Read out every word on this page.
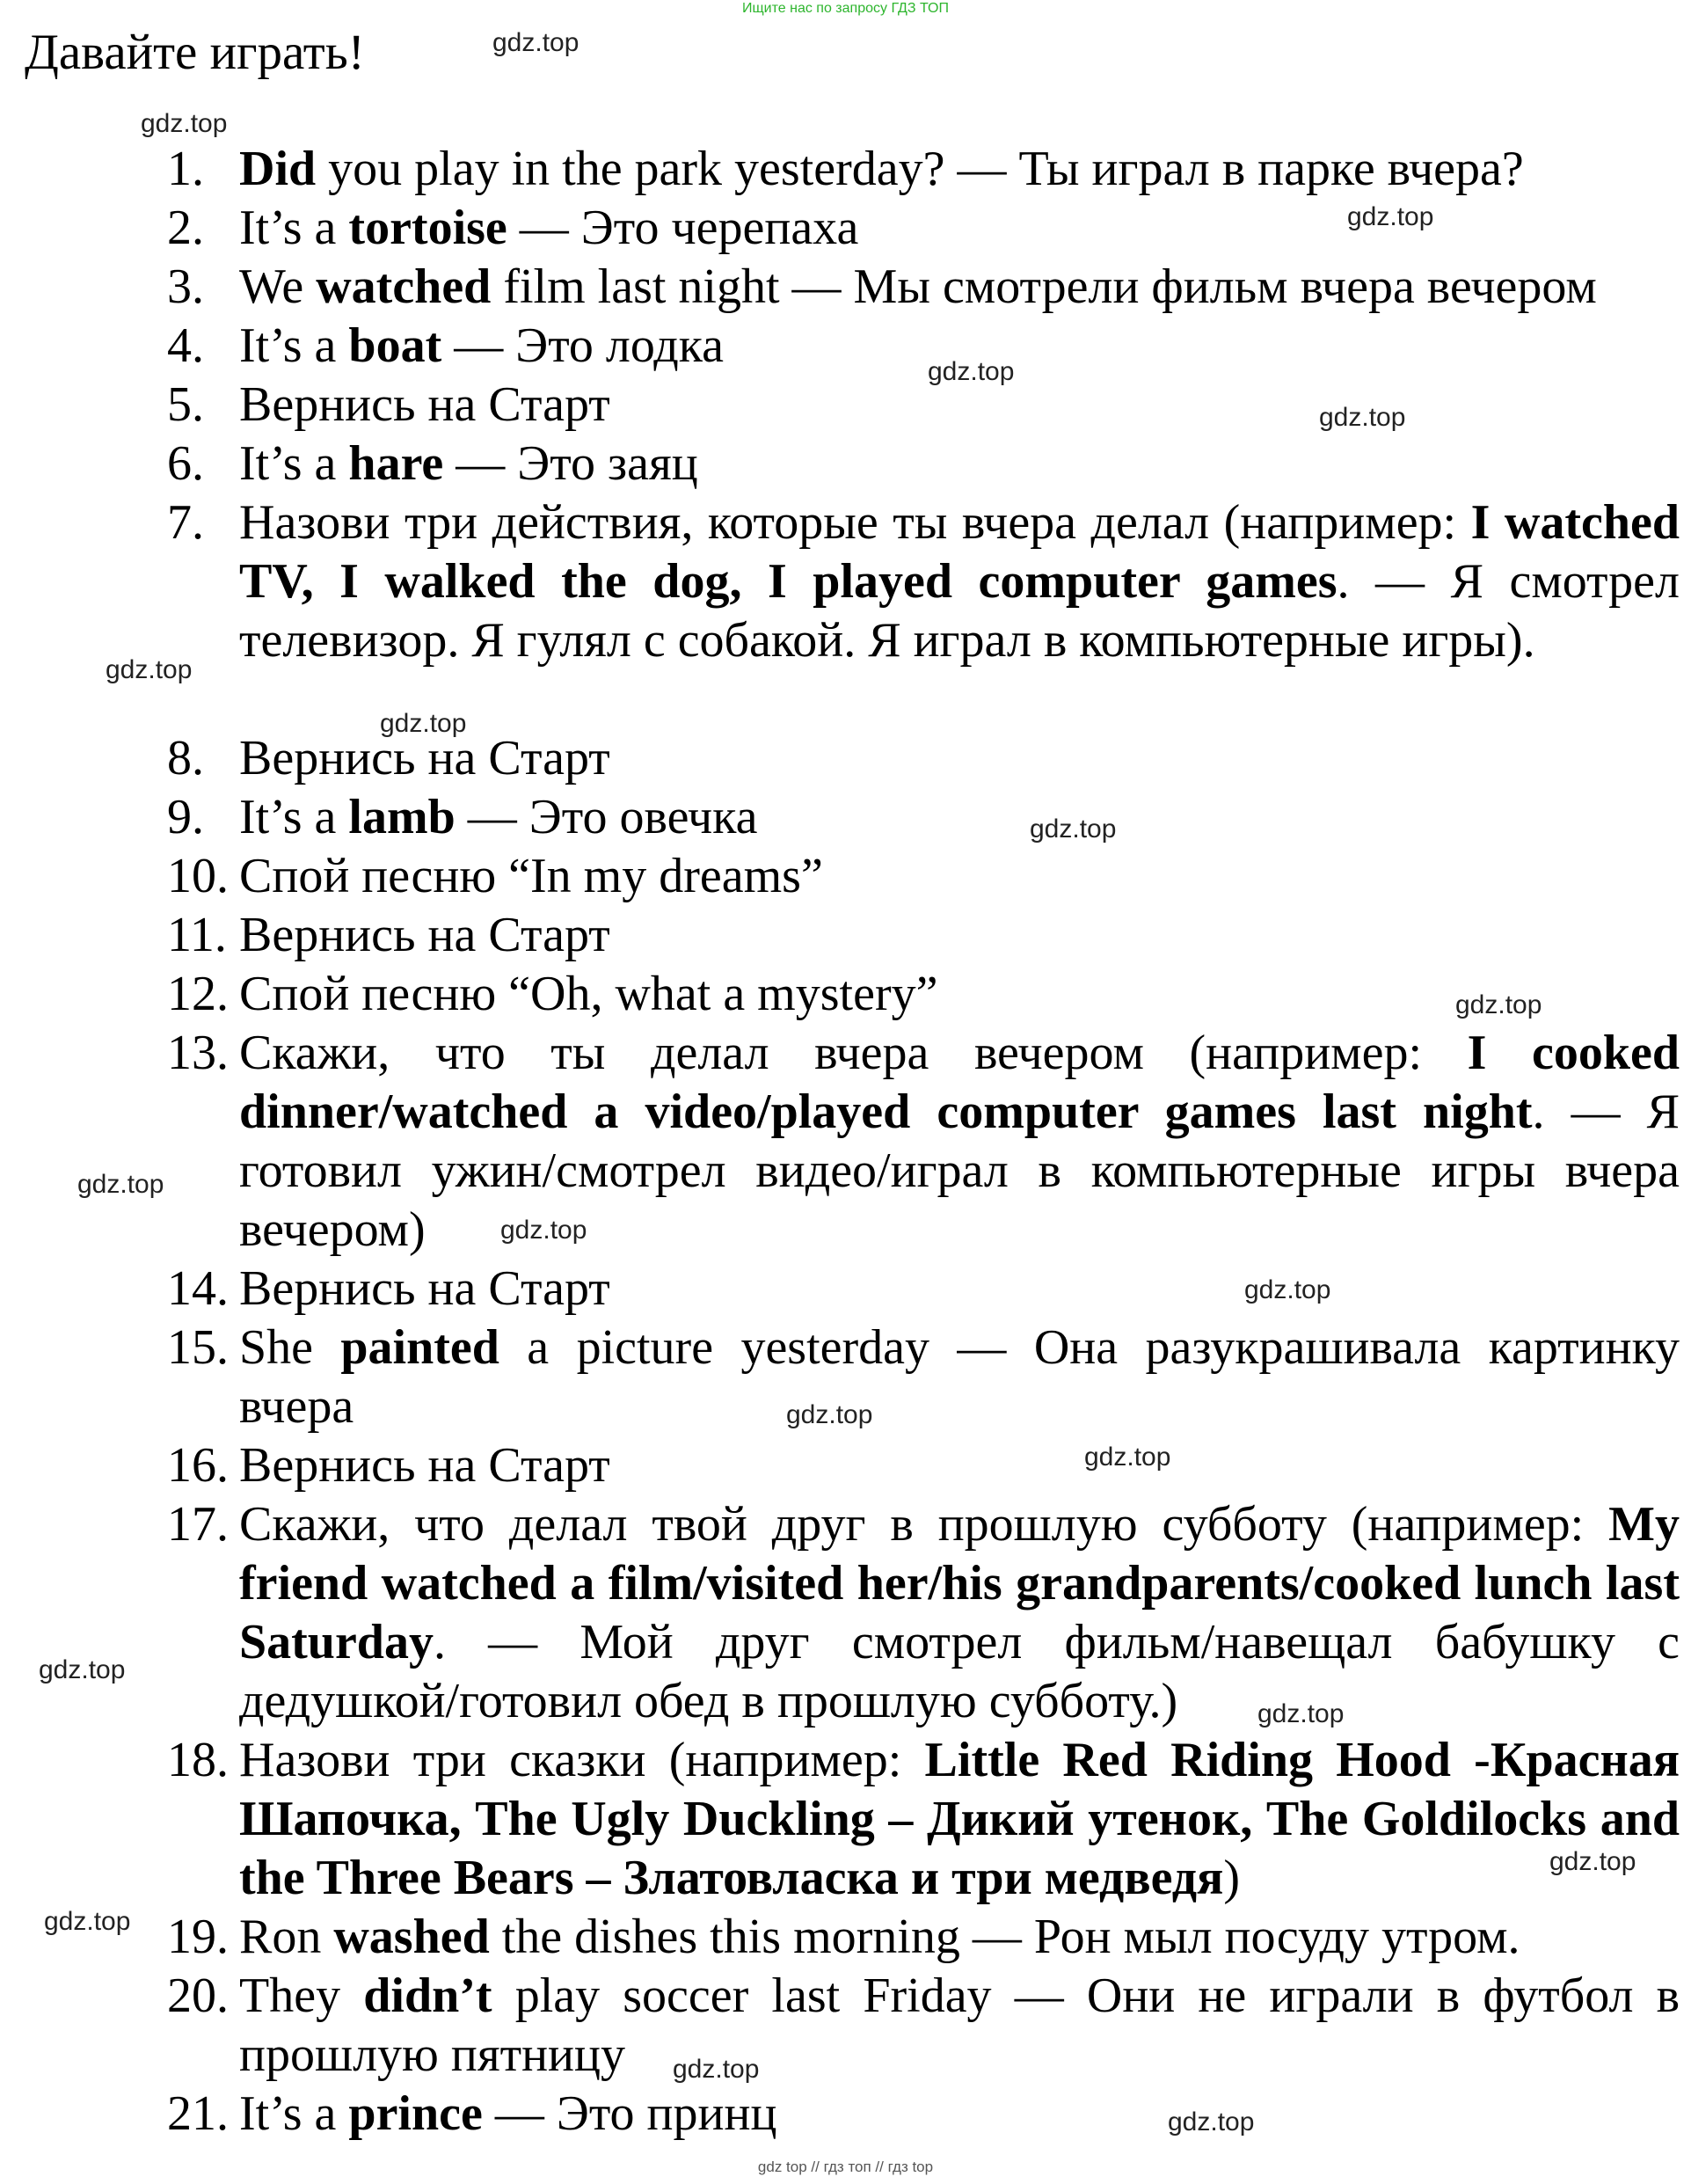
Ищите нас по запросу ГДЗ ТОП
Давайте играть!
1. Did you play in the park yesterday? — Ты играл в парке вчера?
2. It’s a tortoise — Это черепаха
3. We watched film last night — Мы смотрели фильм вчера вечером
4. It’s a boat — Это лодка
5. Вернись на Старт
6. It’s a hare — Это заяц
7. Назови три действия, которые ты вчера делал (например: I watched TV, I walked the dog, I played computer games. — Я смотрел телевизор. Я гулял с собакой. Я играл в компьютерные игры).
8. Вернись на Старт
9. It’s a lamb — Это овечка
10. Спой песню “In my dreams”
11. Вернись на Старт
12. Спой песню “Oh, what a mystery”
13. Скажи, что ты делал вчера вечером (например: I cooked dinner/watched a video/played computer games last night. — Я готовил ужин/смотрел видео/играл в компьютерные игры вчера вечером)
14. Вернись на Старт
15. She painted a picture yesterday — Она разукрашивала картинку вчера
16. Вернись на Старт
17. Скажи, что делал твой друг в прошлую субботу (например: My friend watched a film/visited her/his grandparents/cooked lunch last Saturday. — Мой друг смотрел фильм/навещал бабушку с дедушкой/готовил обед в прошлую субботу.)
18. Назови три сказки (например: Little Red Riding Hood -Красная Шапочка, The Ugly Duckling – Дикий утенок, The Goldilocks and the Three Bears – Златовласка и три медведя)
19. Ron washed the dishes this morning — Рон мыл посуду утром.
20. They didn’t play soccer last Friday — Они не играли в футбол в прошлую пятницу
21. It’s a prince — Это принц
gdz.top
gdz.top
gdz.top
gdz.top
gdz.top
gdz.top
gdz.top
gdz.top
gdz.top
gdz.top
gdz.top
gdz.top
gdz.top
gdz.top
gdz.top
gdz.top
gdz.top
gdz.top
gdz.top
gdz.top
gdz top // гдз топ // гдз top
